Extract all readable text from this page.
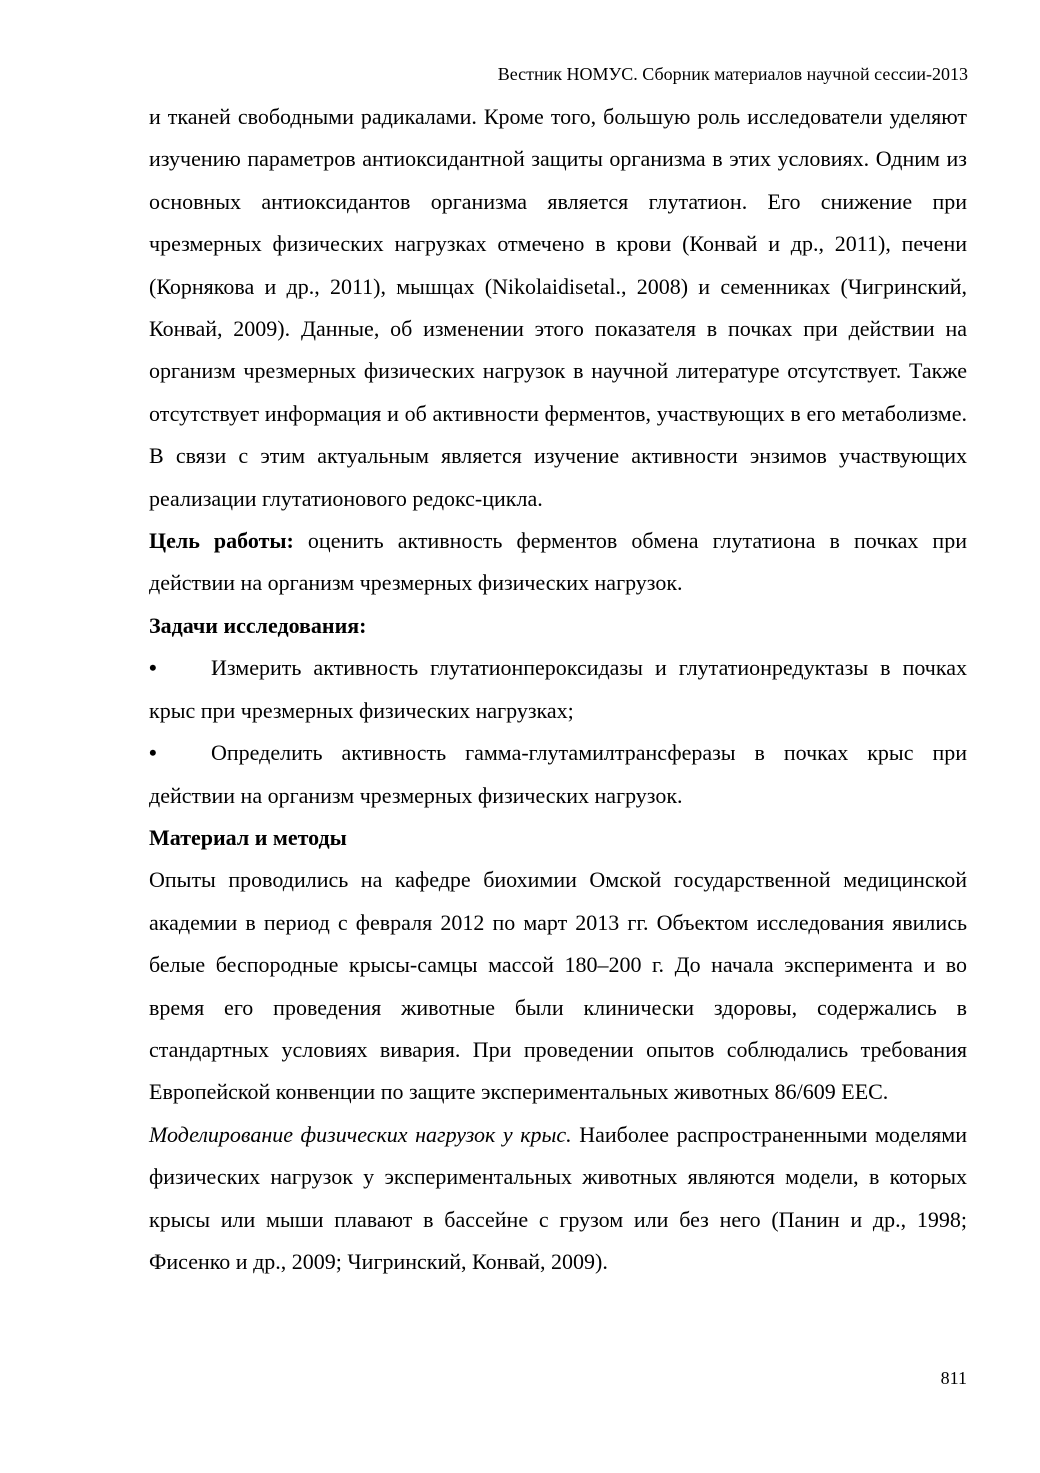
Вестник НОМУС. Сборник материалов научной сессии-2013

и тканей свободными радикалами. Кроме того, большую роль исследователи уделяют изучению параметров антиоксидантной защиты организма в этих условиях. Одним из основных антиоксидантов организма является глутатион. Его снижение при чрезмерных физических нагрузках отмечено в крови (Конвай и др., 2011), печени (Корнякова и др., 2011), мышцах (Nikolaidisetal., 2008) и семенниках (Чигринский, Конвай, 2009). Данные, об изменении этого показателя в почках при действии на организм чрезмерных физических нагрузок в научной литературе отсутствует. Также отсутствует информация и об активности ферментов, участвующих в его метаболизме. В связи с этим актуальным является изучение активности энзимов участвующих реализации глутатионового редокс-цикла.

Цель работы: оценить активность ферментов обмена глутатиона в почках при действии на организм чрезмерных физических нагрузок.

Задачи исследования:

• Измерить активность глутатионпероксидазы и глутатионредуктазы в почках крыс при чрезмерных физических нагрузках;

• Определить активность гамма-глутамилтрансферазы в почках крыс при действии на организм чрезмерных физических нагрузок.

Материал и методы

Опыты проводились на кафедре биохимии Омской государственной медицинской академии в период с февраля 2012 по март 2013 гг. Объектом исследования явились белые беспородные крысы-самцы массой 180–200 г. До начала эксперимента и во время его проведения животные были клинически здоровы, содержались в стандартных условиях вивария. При проведении опытов соблюдались требования Европейской конвенции по защите экспериментальных животных 86/609 EEC.

Моделирование физических нагрузок у крыс. Наиболее распространенными моделями физических нагрузок у экспериментальных животных являются модели, в которых крысы или мыши плавают в бассейне с грузом или без него (Панин и др., 1998; Фисенко и др., 2009; Чигринский, Конвай, 2009).

811
